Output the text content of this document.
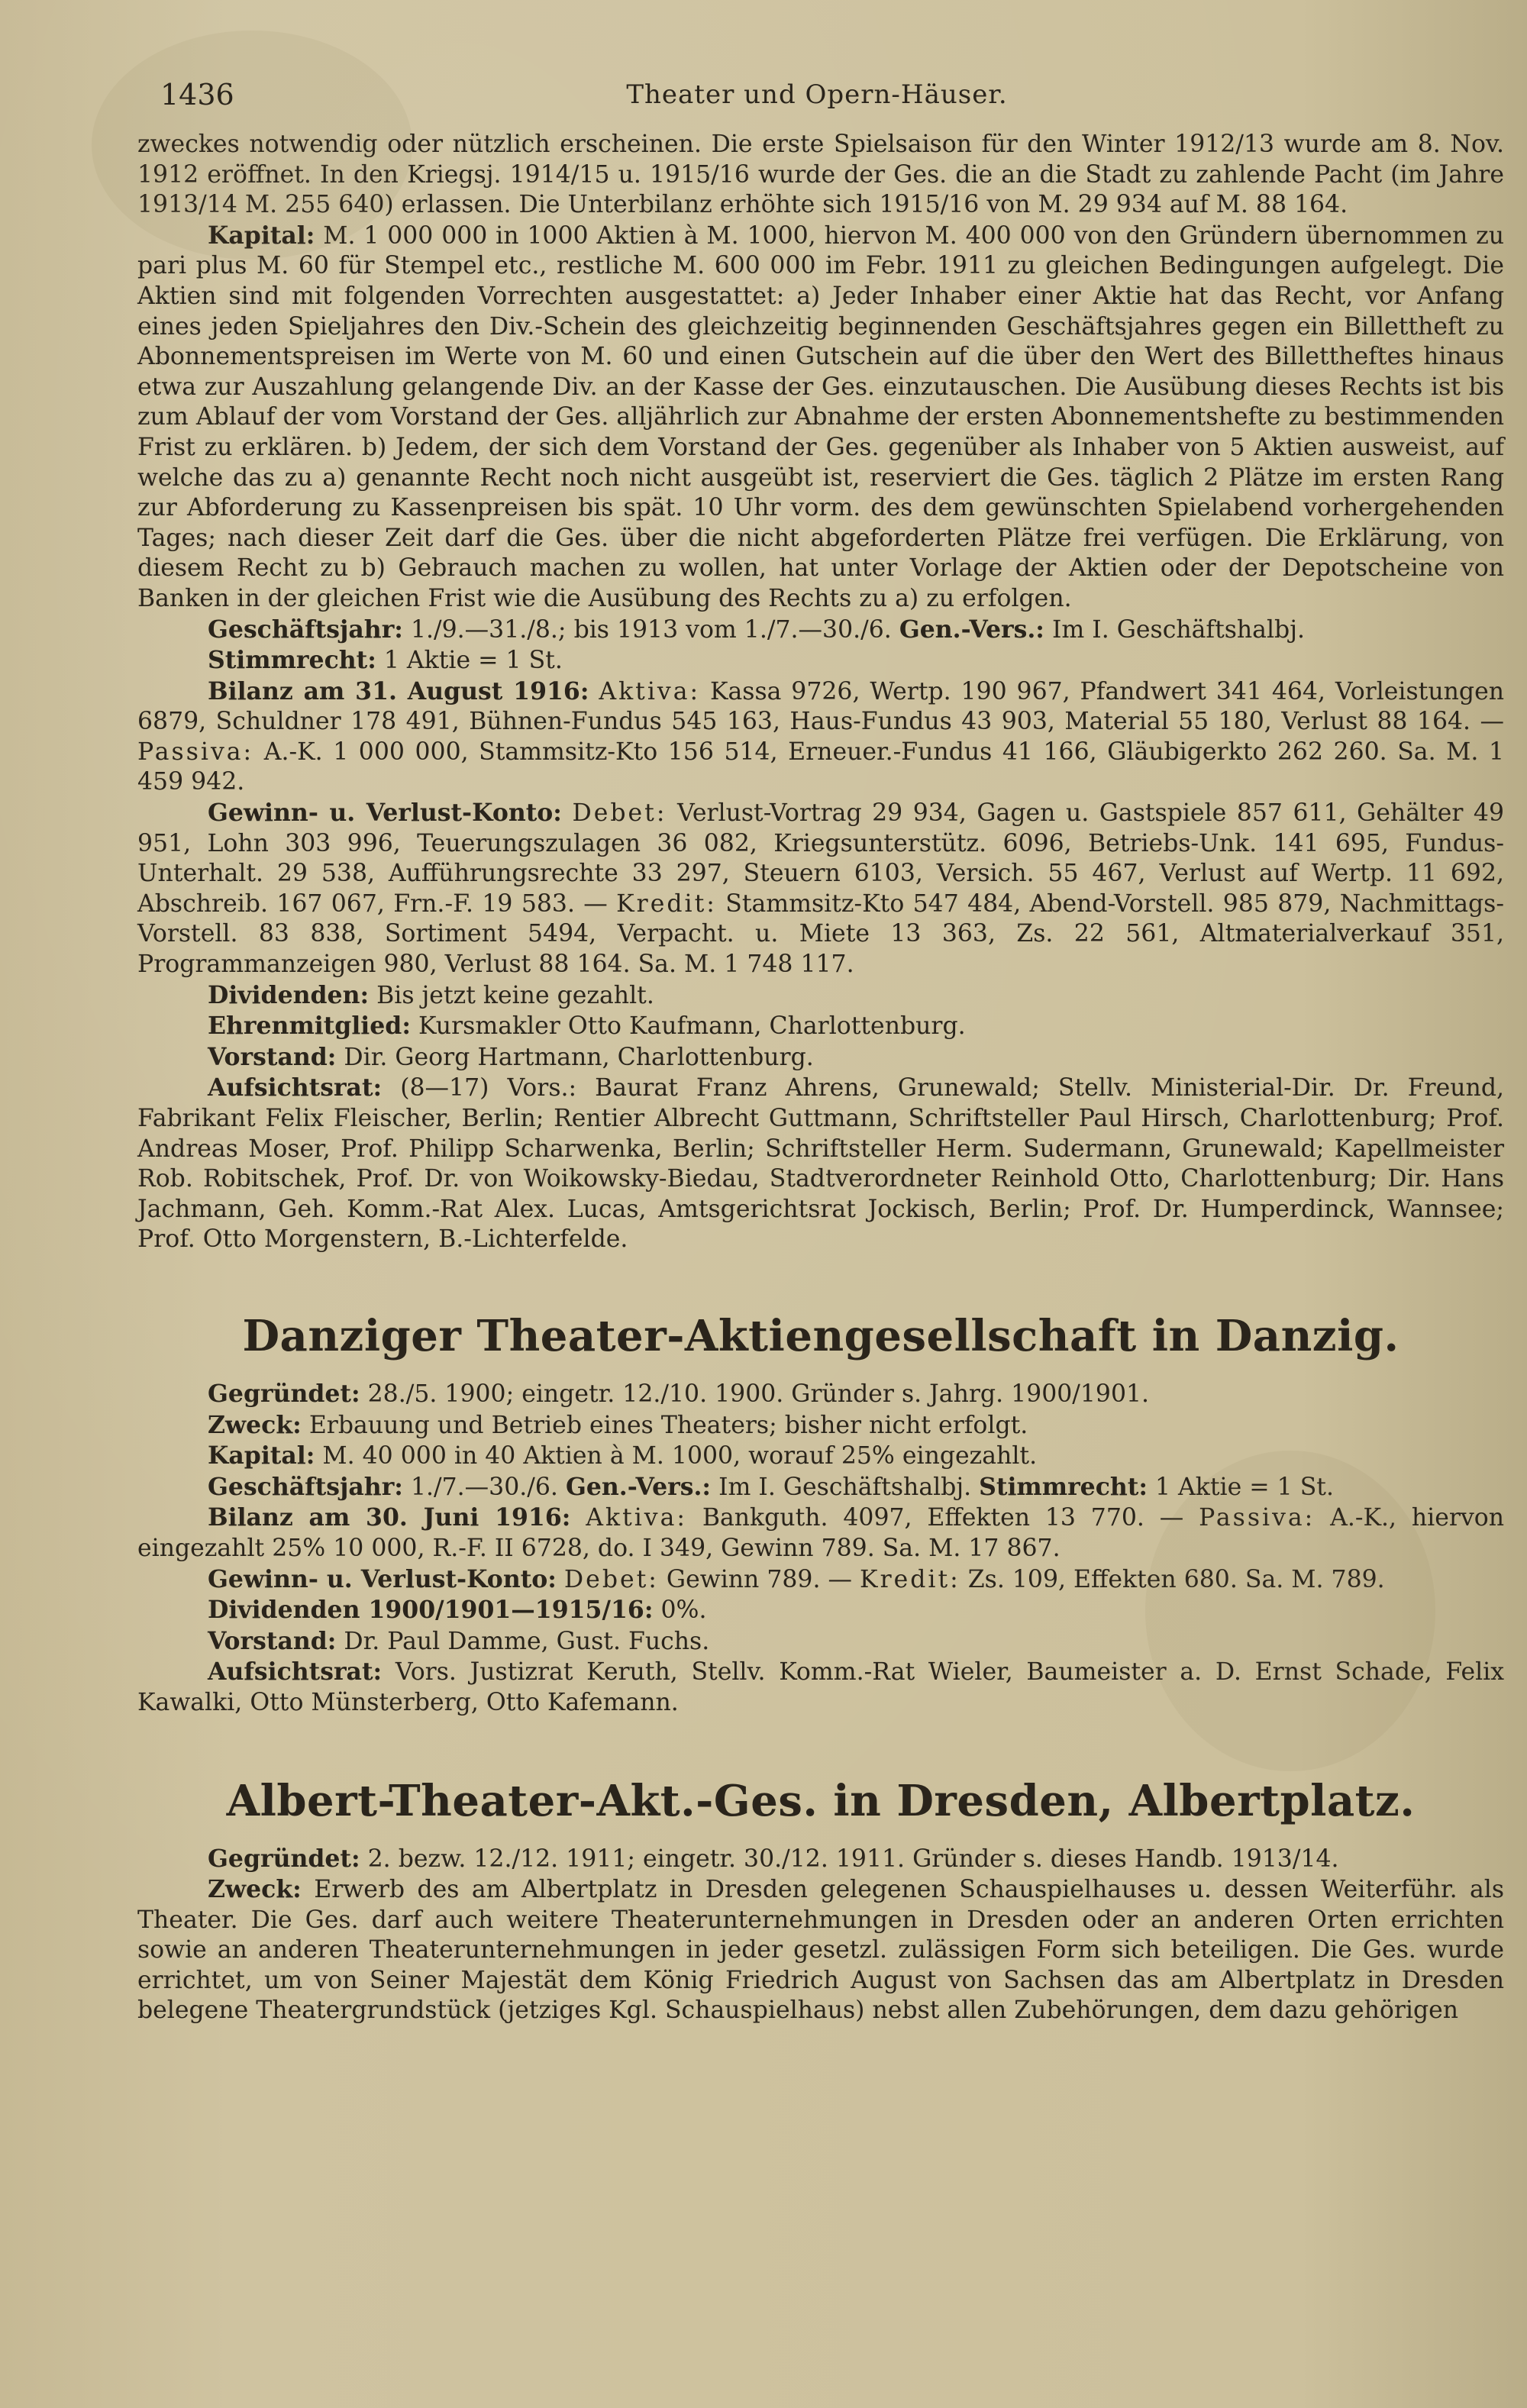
1436	Theater und Opern-Häuser.

zweckes notwendig oder nützlich erscheinen. Die erste Spielsaison für den Winter 1912/13 wurde am 8. Nov. 1912 eröffnet. In den Kriegsj. 1914/15 u. 1915/16 wurde der Ges. die an die Stadt zu zahlende Pacht (im Jahre 1913/14 M. 255 640) erlassen. Die Unterbilanz erhöhte sich 1915/16 von M. 29 934 auf M. 88 164.

Kapital: M. 1 000 000 in 1000 Aktien à M. 1000, hiervon M. 400 000 von den Gründern übernommen zu pari plus M. 60 für Stempel etc., restliche M. 600 000 im Febr. 1911 zu gleichen Bedingungen aufgelegt. Die Aktien sind mit folgenden Vorrechten ausgestattet: a) Jeder Inhaber einer Aktie hat das Recht, vor Anfang eines jeden Spieljahres den Div.-Schein des gleichzeitig beginnenden Geschäftsjahres gegen ein Billettheft zu Abonnementspreisen im Werte von M. 60 und einen Gutschein auf die über den Wert des Billettheftes hinaus etwa zur Auszahlung gelangende Div. an der Kasse der Ges. einzutauschen. Die Ausübung dieses Rechts ist bis zum Ablauf der vom Vorstand der Ges. alljährlich zur Abnahme der ersten Abonnementshefte zu bestimmenden Frist zu erklären. b) Jedem, der sich dem Vorstand der Ges. gegenüber als Inhaber von 5 Aktien ausweist, auf welche das zu a) genannte Recht noch nicht ausgeübt ist, reserviert die Ges. täglich 2 Plätze im ersten Rang zur Abforderung zu Kassenpreisen bis spät. 10 Uhr vorm. des dem gewünschten Spielabend vorhergehenden Tages; nach dieser Zeit darf die Ges. über die nicht abgeforderten Plätze frei verfügen. Die Erklärung, von diesem Recht zu b) Gebrauch machen zu wollen, hat unter Vorlage der Aktien oder der Depotscheine von Banken in der gleichen Frist wie die Ausübung des Rechts zu a) zu erfolgen.

Geschäftsjahr: 1./9.—31./8.; bis 1913 vom 1./7.—30./6. Gen.-Vers.: Im I. Geschäftshalbj.

Stimmrecht: 1 Aktie = 1 St.

Bilanz am 31. August 1916: Aktiva: Kassa 9726, Wertp. 190 967, Pfandwert 341 464, Vorleistungen 6879, Schuldner 178 491, Bühnen-Fundus 545 163, Haus-Fundus 43 903, Material 55 180, Verlust 88 164. — Passiva: A.-K. 1 000 000, Stammsitz-Kto 156 514, Erneuer.-Fundus 41 166, Gläubigerkto 262 260. Sa. M. 1 459 942.

Gewinn- u. Verlust-Konto: Debet: Verlust-Vortrag 29 934, Gagen u. Gastspiele 857 611, Gehälter 49 951, Lohn 303 996, Teuerungszulagen 36 082, Kriegsunterstütz. 6096, Betriebs-Unk. 141 695, Fundus-Unterhalt. 29 538, Aufführungsrechte 33 297, Steuern 6103, Versich. 55 467, Verlust auf Wertp. 11 692, Abschreib. 167 067, Frn.-F. 19 583. — Kredit: Stammsitz-Kto 547 484, Abend-Vorstell. 985 879, Nachmittags-Vorstell. 83 838, Sortiment 5494, Verpacht. u. Miete 13 363, Zs. 22 561, Altmaterialverkauf 351, Programmanzeigen 980, Verlust 88 164. Sa. M. 1 748 117.

Dividenden: Bis jetzt keine gezahlt.

Ehrenmitglied: Kursmakler Otto Kaufmann, Charlottenburg.

Vorstand: Dir. Georg Hartmann, Charlottenburg.

Aufsichtsrat: (8—17) Vors.: Baurat Franz Ahrens, Grunewald; Stellv. Ministerial-Dir. Dr. Freund, Fabrikant Felix Fleischer, Berlin; Rentier Albrecht Guttmann, Schriftsteller Paul Hirsch, Charlottenburg; Prof. Andreas Moser, Prof. Philipp Scharwenka, Berlin; Schriftsteller Herm. Sudermann, Grunewald; Kapellmeister Rob. Robitschek, Prof. Dr. von Woikowsky-Biedau, Stadtverordneter Reinhold Otto, Charlottenburg; Dir. Hans Jachmann, Geh. Komm.-Rat Alex. Lucas, Amtsgerichtsrat Jockisch, Berlin; Prof. Dr. Humperdinck, Wannsee; Prof. Otto Morgenstern, B.-Lichterfelde.

Danziger Theater-Aktiengesellschaft in Danzig.

Gegründet: 28./5. 1900; eingetr. 12./10. 1900. Gründer s. Jahrg. 1900/1901.

Zweck: Erbauung und Betrieb eines Theaters; bisher nicht erfolgt.

Kapital: M. 40 000 in 40 Aktien à M. 1000, worauf 25% eingezahlt.

Geschäftsjahr: 1./7.—30./6. Gen.-Vers.: Im I. Geschäftshalbj. Stimmrecht: 1 Aktie = 1 St.

Bilanz am 30. Juni 1916: Aktiva: Bankguth. 4097, Effekten 13 770. — Passiva: A.-K., hiervon eingezahlt 25% 10 000, R.-F. II 6728, do. I 349, Gewinn 789. Sa. M. 17 867.

Gewinn- u. Verlust-Konto: Debet: Gewinn 789. — Kredit: Zs. 109, Effekten 680. Sa. M. 789.

Dividenden 1900/1901—1915/16: 0%.

Vorstand: Dr. Paul Damme, Gust. Fuchs.

Aufsichtsrat: Vors. Justizrat Keruth, Stellv. Komm.-Rat Wieler, Baumeister a. D. Ernst Schade, Felix Kawalki, Otto Münsterberg, Otto Kafemann.

Albert-Theater-Akt.-Ges. in Dresden, Albertplatz.

Gegründet: 2. bezw. 12./12. 1911; eingetr. 30./12. 1911. Gründer s. dieses Handb. 1913/14.

Zweck: Erwerb des am Albertplatz in Dresden gelegenen Schauspielhauses u. dessen Weiterführ. als Theater. Die Ges. darf auch weitere Theaterunternehmungen in Dresden oder an anderen Orten errichten sowie an anderen Theaterunternehmungen in jeder gesetzl. zulässigen Form sich beteiligen. Die Ges. wurde errichtet, um von Seiner Majestät dem König Friedrich August von Sachsen das am Albertplatz in Dresden belegene Theatergrundstück (jetziges Kgl. Schauspielhaus) nebst allen Zubehörungen, dem dazu gehörigen
